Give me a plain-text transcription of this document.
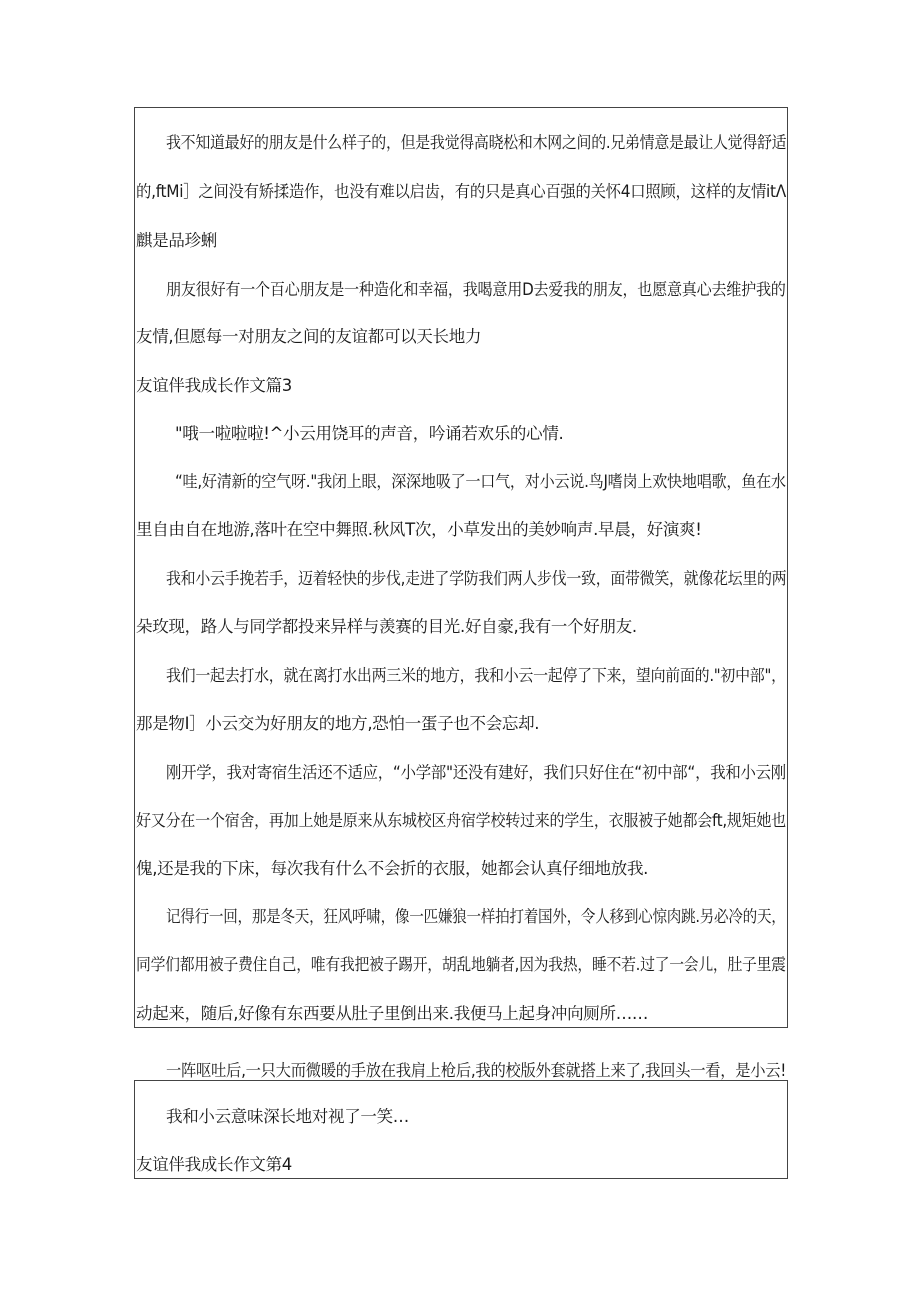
我不知道最好的朋友是什么样子的，但是我觉得高晓松和木网之间的.兄弟情意是最让人觉得舒适
的,ftMi］之间没有矫揉造作，也没有难以启齿，有的只是真心百强的关怀4口照顾，这样的友情itΛ
麒是品珍蜊
朋友很好有一个百心朋友是一种造化和幸福，我喝意用D去爱我的朋友，也愿意真心去维护我的
友情,但愿每一对朋友之间的友谊都可以天长地力
友谊伴我成长作文篇3
"哦一啦啦啦!^小云用饶耳的声音，吟诵若欢乐的心情.
“哇,好清新的空气呀."我闭上眼，深深地吸了一口气，对小云说.鸟J嗜岗上欢快地唱歌，鱼在水
里自由自在地游,落叶在空中舞照.秋风T次，小草发出的美妙响声.早晨，好演爽!
我和小云手挽若手，迈着轻快的步伐,走进了学防我们两人步伐一致，面带微笑，就像花坛里的两
朵玫现，路人与同学都投来异样与羡赛的目光.好自豪,我有一个好朋友.
我们一起去打水，就在离打水出两三米的地方，我和小云一起停了下来，望向前面的."初中部"，
那是物I］小云交为好朋友的地方,恐怕一蛋子也不会忘却.
刚开学，我对寄宿生活还不适应，“小学部"还没有建好，我们只好住在“初中部“，我和小云刚
好又分在一个宿舍，再加上她是原来从东城校区舟宿学校转过来的学生，衣服被子她都会ft,规矩她也
傀,还是我的下床，每次我有什么不会折的衣服，她都会认真仔细地放我.
记得行一回，那是冬天，狂风呼啸，像一匹嫌狼一样拍打着国外，令人移到心惊肉跳.另必冷的天，
同学们都用被子费住自己，唯有我把被子踢开，胡乱地躺者,因为我热，睡不若.过了一会儿，肚子里震
动起来，随后,好像有东西要从肚子里倒出来.我便马上起身冲向厕所……
一阵呕吐后,一只大而微暖的手放在我肩上枪后,我的校版外套就搭上来了,我回头一看，是小云!
我和小云意味深长地对视了一笑…
友谊伴我成长作文第4
